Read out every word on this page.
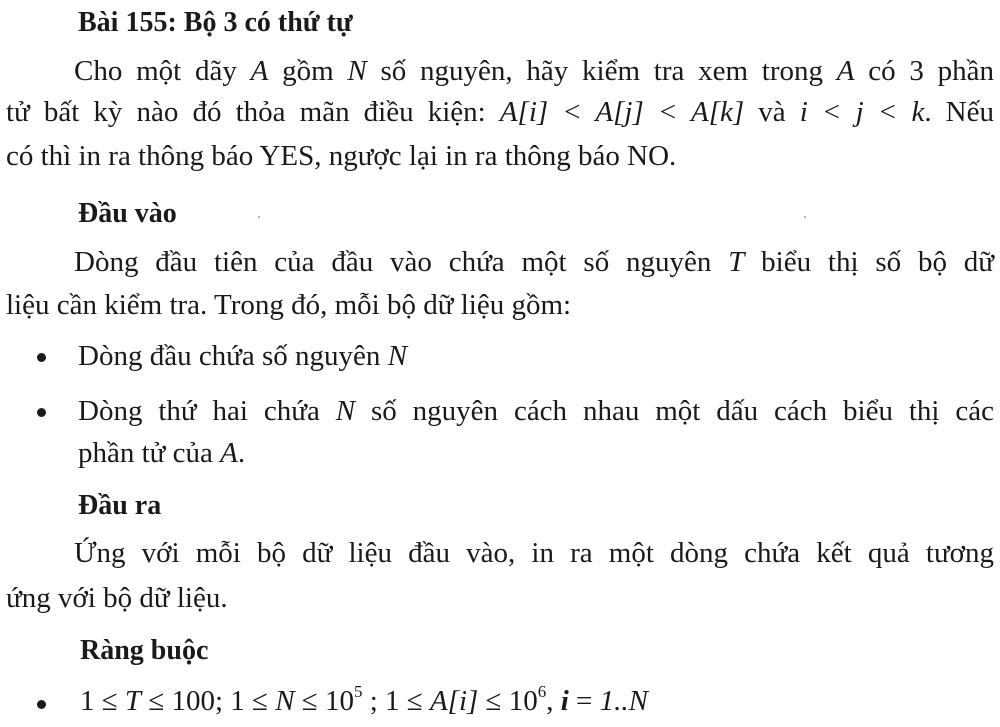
Bài 155: Bộ 3 có thứ tự
Cho một dãy A gồm N số nguyên, hãy kiểm tra xem trong A có 3 phần
tử bất kỳ nào đó thỏa mãn điều kiện: A[i] < A[j] < A[k] và i < j < k. Nếu
có thì in ra thông báo YES, ngược lại in ra thông báo NO.
Đầu vào
Dòng đầu tiên của đầu vào chứa một số nguyên T biểu thị số bộ dữ
liệu cần kiểm tra. Trong đó, mỗi bộ dữ liệu gồm:
Dòng đầu chứa số nguyên N
Dòng thứ hai chứa N số nguyên cách nhau một dấu cách biểu thị các
phần tử của A.
Đầu ra
Ứng với mỗi bộ dữ liệu đầu vào, in ra một dòng chứa kết quả tương
ứng với bộ dữ liệu.
Ràng buộc
1 ≤ T ≤ 100; $1 \le N \le 10^5$ ; $1 \le A[i] \le 10^6$, i = 1..N
